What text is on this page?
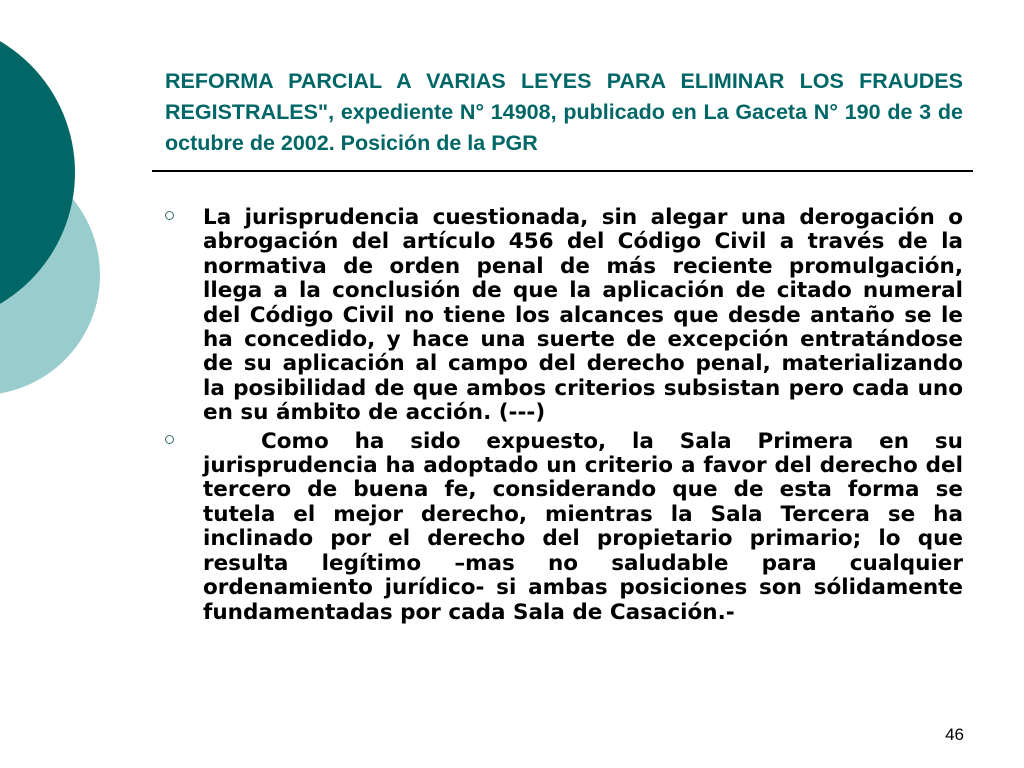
REFORMA PARCIAL A VARIAS LEYES PARA ELIMINAR LOS FRAUDES REGISTRALES", expediente N° 14908, publicado en La Gaceta N° 190 de 3 de octubre de 2002. Posición de la PGR
La jurisprudencia cuestionada, sin alegar una derogación o abrogación del artículo 456 del Código Civil a través de la normativa de orden penal de más reciente promulgación, llega a la conclusión de que la aplicación de citado numeral del Código Civil no tiene los alcances que desde antaño se le ha concedido, y hace una suerte de excepción entratándose de su aplicación al campo del derecho penal, materializando la posibilidad de que ambos criterios subsistan pero cada uno en su ámbito de acción. (---)
Como ha sido expuesto, la Sala Primera en su jurisprudencia ha adoptado un criterio a favor del derecho del tercero de buena fe, considerando que de esta forma se tutela el mejor derecho, mientras la Sala Tercera se ha inclinado por el derecho del propietario primario; lo que resulta legítimo –mas no saludable para cualquier ordenamiento jurídico- si ambas posiciones son sólidamente fundamentadas por cada Sala de Casación.-
46
